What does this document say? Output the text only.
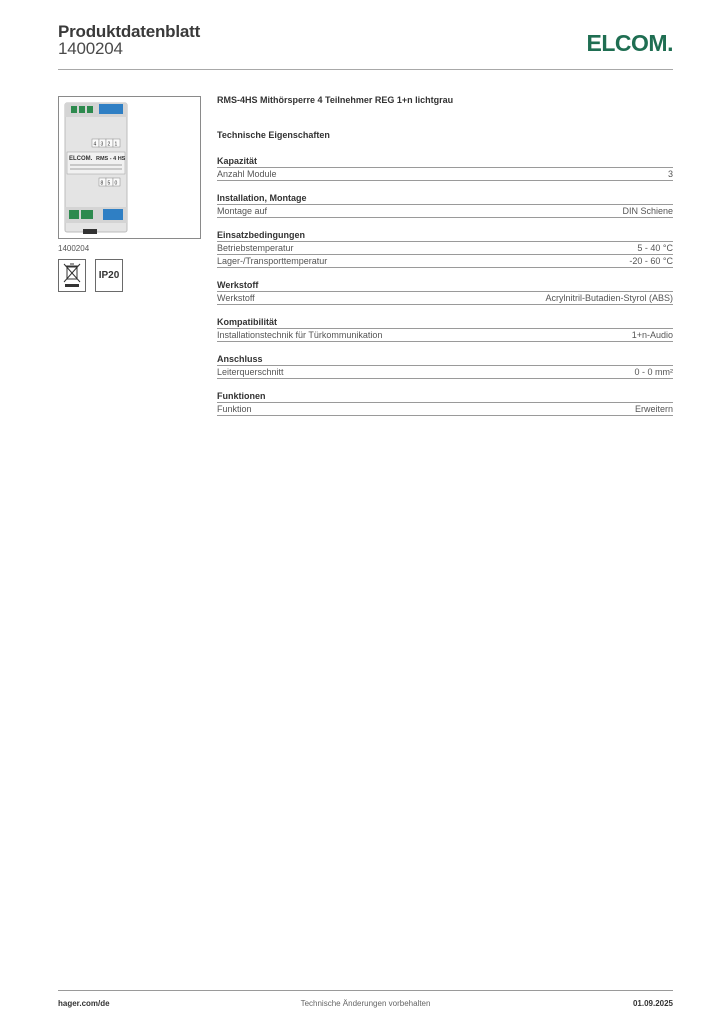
Produktdatenblatt
1400204	ELCOM.
ELCOM. RMS - 4 HS
4 3 2 1
8 5 0
1400204
IP20
RMS-4HS Mithörsperre 4 Teilnehmer REG 1+n lichtgrau
Technische Eigenschaften
Kapazität
Anzahl Module	3
Installation, Montage
Montage auf	DIN Schiene
Einsatzbedingungen
Betriebstemperatur	5 - 40 °C
Lager-/Transporttemperatur	-20 - 60 °C
Werkstoff
Werkstoff	Acrylnitril-Butadien-Styrol (ABS)
Kompatibilität
Installationstechnik für Türkommunikation	1+n-Audio
Anschluss
Leiterquerschnitt	0 - 0 mm²
Funktionen
Funktion	Erweitern
hager.com/de	Technische Änderungen vorbehalten	01.09.2025
